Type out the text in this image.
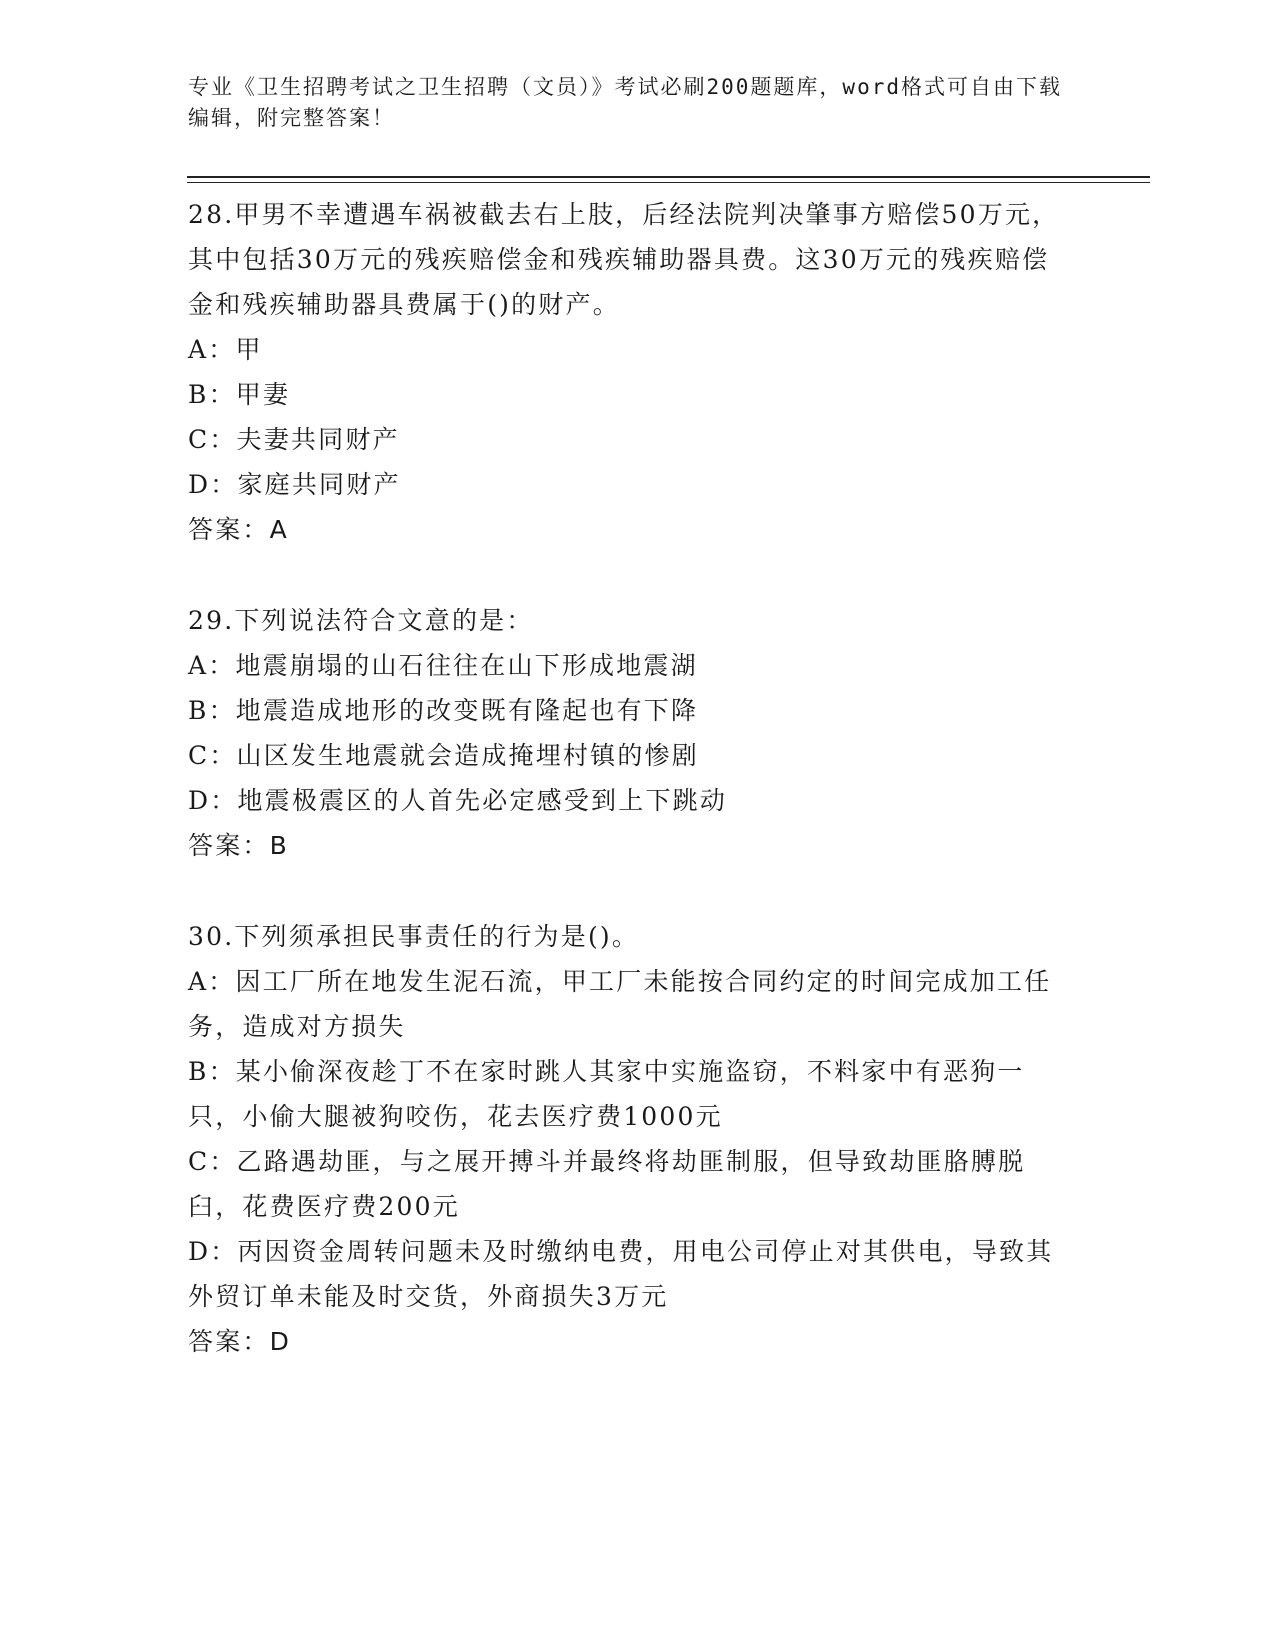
专业《卫生招聘考试之卫生招聘（文员）》考试必刷200题题库，word格式可自由下载编辑，附完整答案！

28.甲男不幸遭遇车祸被截去右上肢，后经法院判决肇事方赔偿50万元，其中包括30万元的残疾赔偿金和残疾辅助器具费。这30万元的残疾赔偿金和残疾辅助器具费属于()的财产。

A：甲

B：甲妻

C：夫妻共同财产

D：家庭共同财产

答案：A

29.下列说法符合文意的是：

A：地震崩塌的山石往往在山下形成地震湖

B：地震造成地形的改变既有隆起也有下降

C：山区发生地震就会造成掩埋村镇的惨剧

D：地震极震区的人首先必定感受到上下跳动

答案：B

30.下列须承担民事责任的行为是()。

A：因工厂所在地发生泥石流，甲工厂未能按合同约定的时间完成加工任务，造成对方损失

B：某小偷深夜趁丁不在家时跳人其家中实施盗窃，不料家中有恶狗一只，小偷大腿被狗咬伤，花去医疗费1000元

C：乙路遇劫匪，与之展开搏斗并最终将劫匪制服，但导致劫匪胳膊脱臼，花费医疗费200元

D：丙因资金周转问题未及时缴纳电费，用电公司停止对其供电，导致其外贸订单未能及时交货，外商损失3万元

答案：D
